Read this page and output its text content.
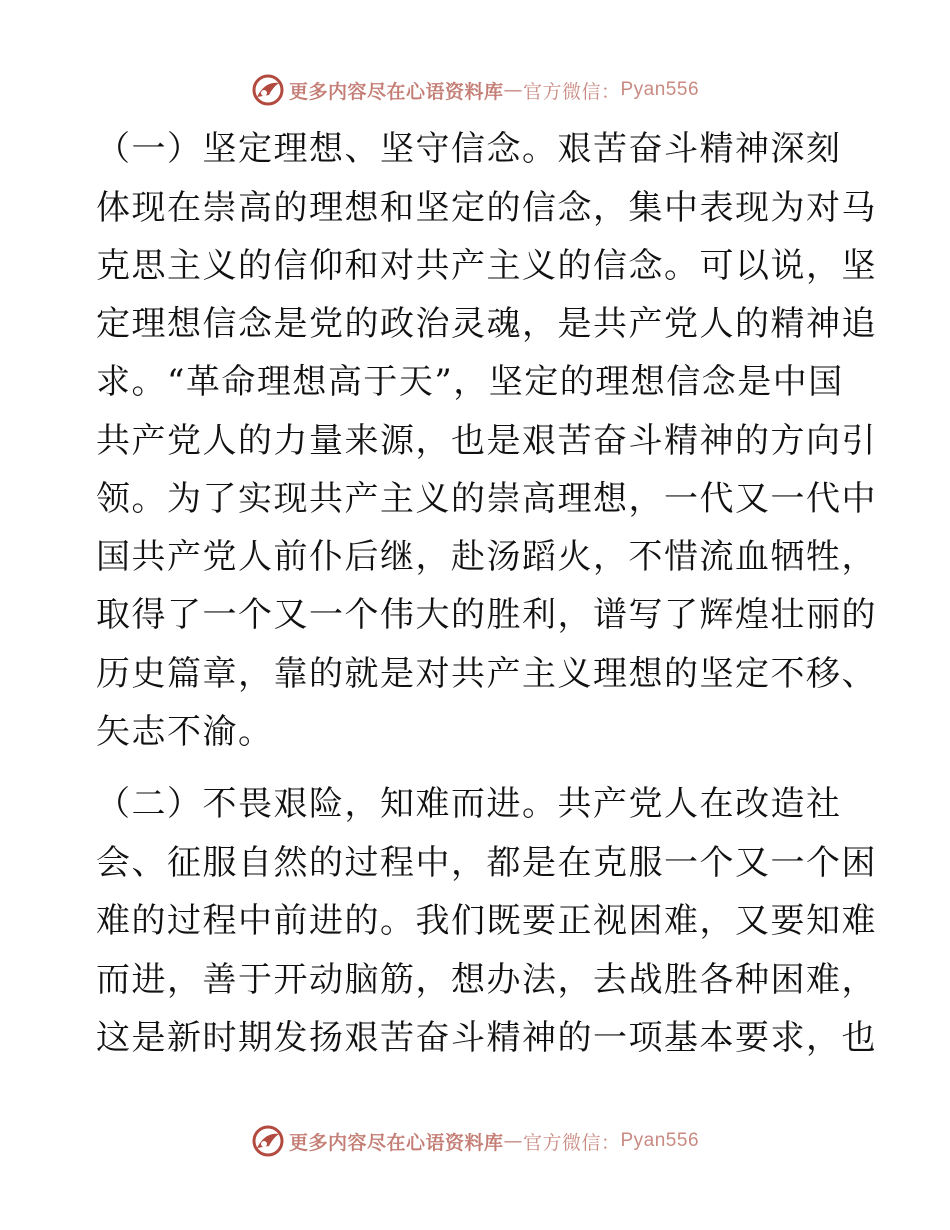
更多内容尽在心语资料库 — 官方微信： Pyan556
（一）坚定理想、坚守信念。艰苦奋斗精神深刻
体现在崇高的理想和坚定的信念，集中表现为对马
克思主义的信仰和对共产主义的信念。可以说，坚
定理想信念是党的政治灵魂，是共产党人的精神追
求。“革命理想高于天”，坚定的理想信念是中国
共产党人的力量来源，也是艰苦奋斗精神的方向引
领。为了实现共产主义的崇高理想，一代又一代中
国共产党人前仆后继，赴汤蹈火，不惜流血牺牲，
取得了一个又一个伟大的胜利，谱写了辉煌壮丽的
历史篇章，靠的就是对共产主义理想的坚定不移、
矢志不渝。
（二）不畏艰险，知难而进。共产党人在改造社
会、征服自然的过程中，都是在克服一个又一个困
难的过程中前进的。我们既要正视困难，又要知难
而进，善于开动脑筋，想办法，去战胜各种困难，
这是新时期发扬艰苦奋斗精神的一项基本要求，也
更多内容尽在心语资料库 — 官方微信： Pyan556
